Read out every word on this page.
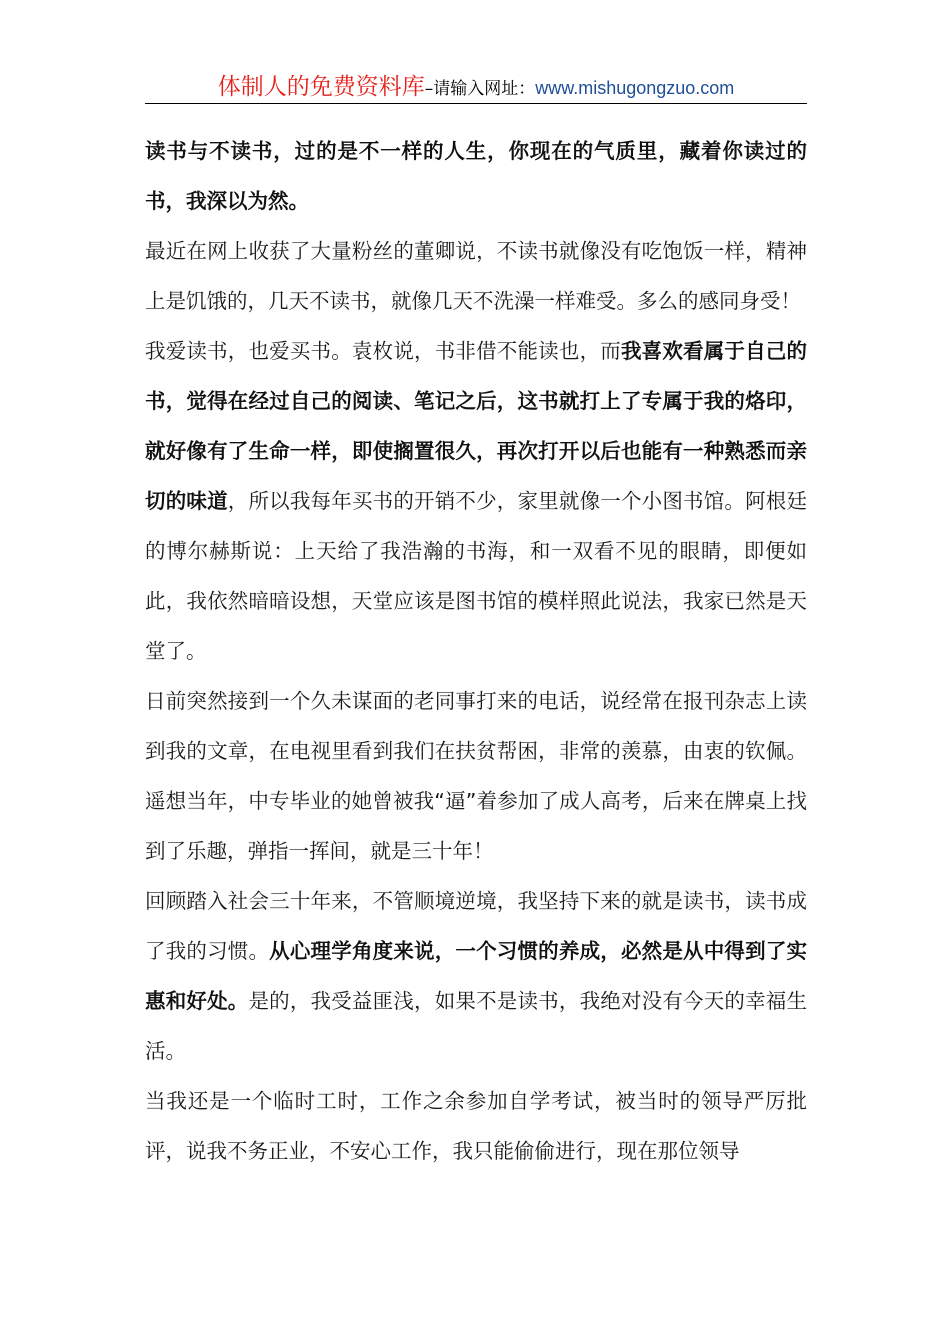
体制人的免费资料库–请输入网址：www.mishugongzuo.com

读书与不读书，过的是不一样的人生，你现在的气质里，藏着你读过的书，我深以为然。

最近在网上收获了大量粉丝的董卿说，不读书就像没有吃饱饭一样，精神上是饥饿的，几天不读书，就像几天不洗澡一样难受。多么的感同身受！

我爱读书，也爱买书。袁枚说，书非借不能读也，而我喜欢看属于自己的书，觉得在经过自己的阅读、笔记之后，这书就打上了专属于我的烙印，就好像有了生命一样，即使搁置很久，再次打开以后也能有一种熟悉而亲切的味道，所以我每年买书的开销不少，家里就像一个小图书馆。阿根廷的博尔赫斯说：上天给了我浩瀚的书海，和一双看不见的眼睛，即便如此，我依然暗暗设想，天堂应该是图书馆的模样照此说法，我家已然是天堂了。

日前突然接到一个久未谋面的老同事打来的电话，说经常在报刊杂志上读到我的文章，在电视里看到我们在扶贫帮困，非常的羡慕，由衷的钦佩。遥想当年，中专毕业的她曾被我“逼”着参加了成人高考，后来在牌桌上找到了乐趣，弹指一挥间，就是三十年！

回顾踏入社会三十年来，不管顺境逆境，我坚持下来的就是读书，读书成了我的习惯。从心理学角度来说，一个习惯的养成，必然是从中得到了实惠和好处。是的，我受益匪浅，如果不是读书，我绝对没有今天的幸福生活。

当我还是一个临时工时，工作之余参加自学考试，被当时的领导严厉批评，说我不务正业，不安心工作，我只能偷偷进行，现在那位领导
